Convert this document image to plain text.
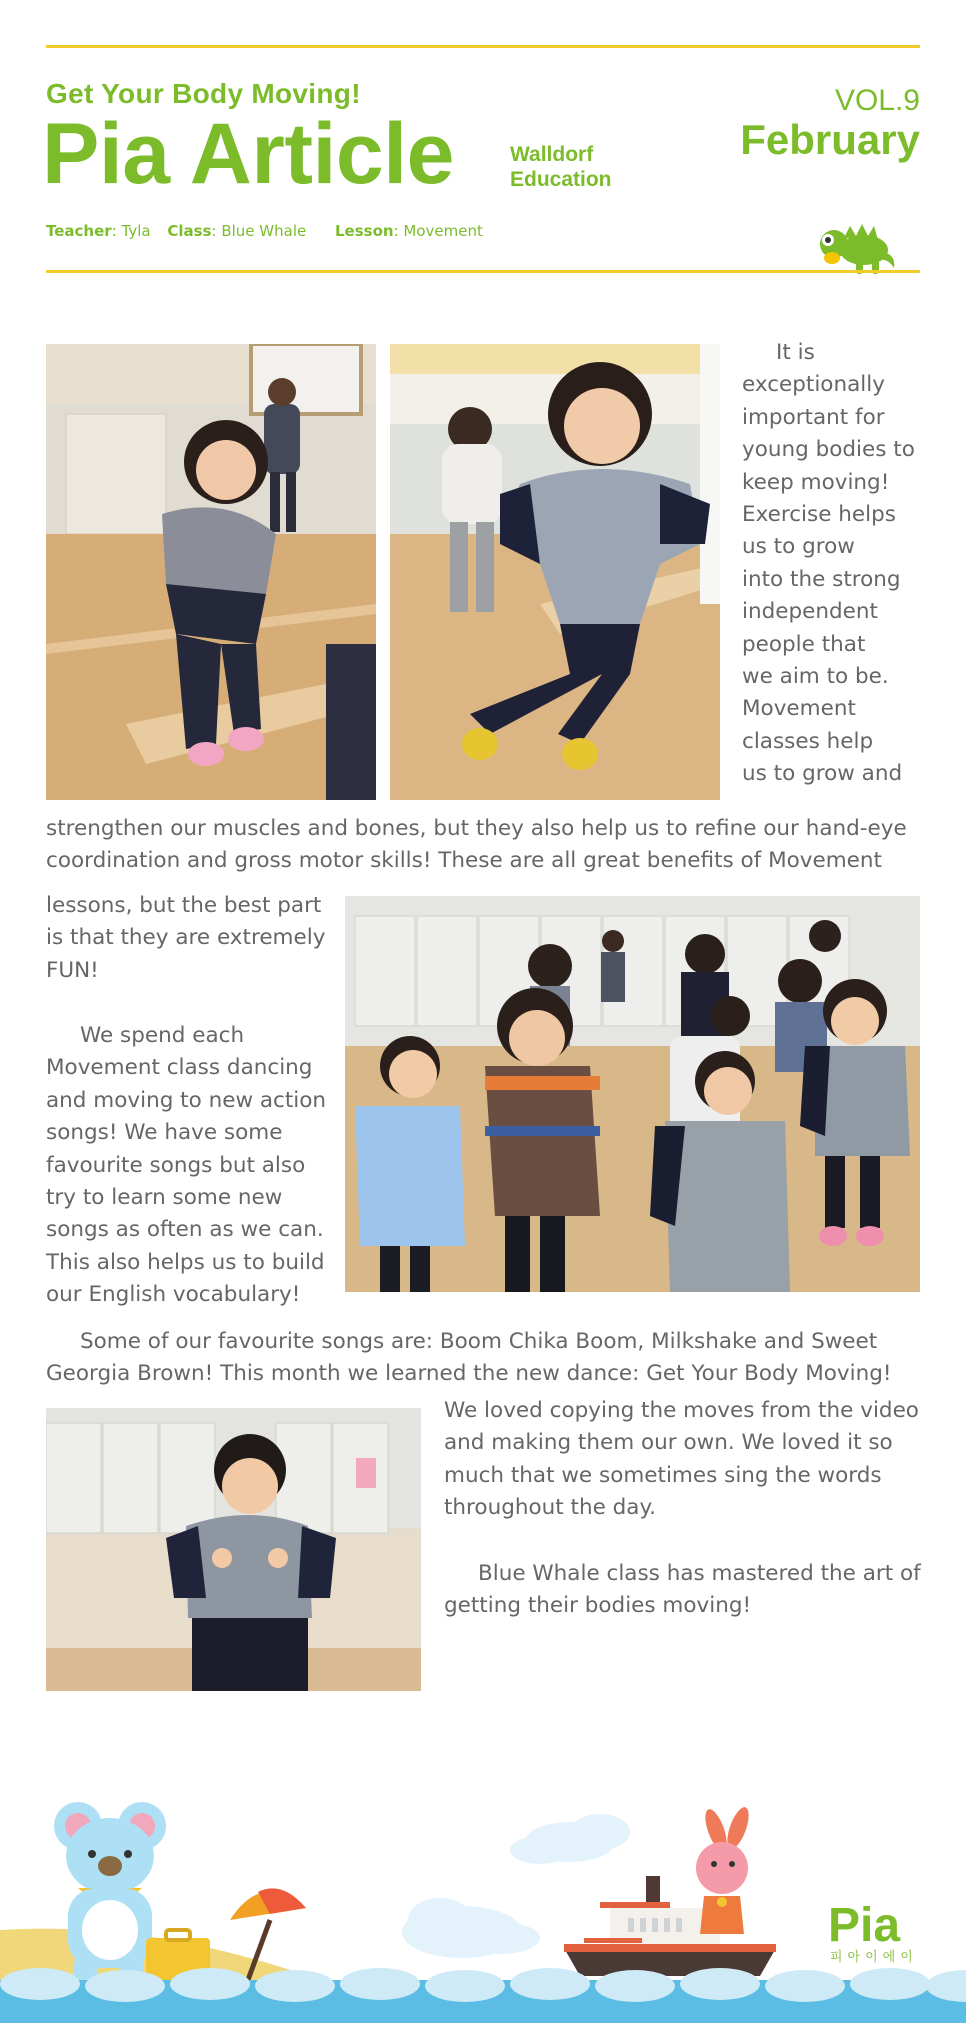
Get Your Body Moving!
Pia Article	Walldorf
Education
VOL.9
February
Teacher: Tyla Class: Blue Whale Lesson: Movement
It is
exceptionally
important for
young bodies to
keep moving!
Exercise helps
us to grow
into the strong
independent
people that
we aim to be.
Movement
classes help
us to grow and
strengthen our muscles and bones, but they also help us to refine our hand-eye
coordination and gross motor skills! These are all great benefits of Movement
lessons, but the best part
is that they are extremely
FUN!
We spend each
Movement class dancing
and moving to new action
songs! We have some
favourite songs but also
try to learn some new
songs as often as we can.
This also helps us to build
our English vocabulary!
Some of our favourite songs are: Boom Chika Boom, Milkshake and Sweet
Georgia Brown! This month we learned the new dance: Get Your Body Moving!
We loved copying the moves from the video
and making them our own. We loved it so
much that we sometimes sing the words
throughout the day.
Blue Whale class has mastered the art of
getting their bodies moving!
Pia
피아이에이
